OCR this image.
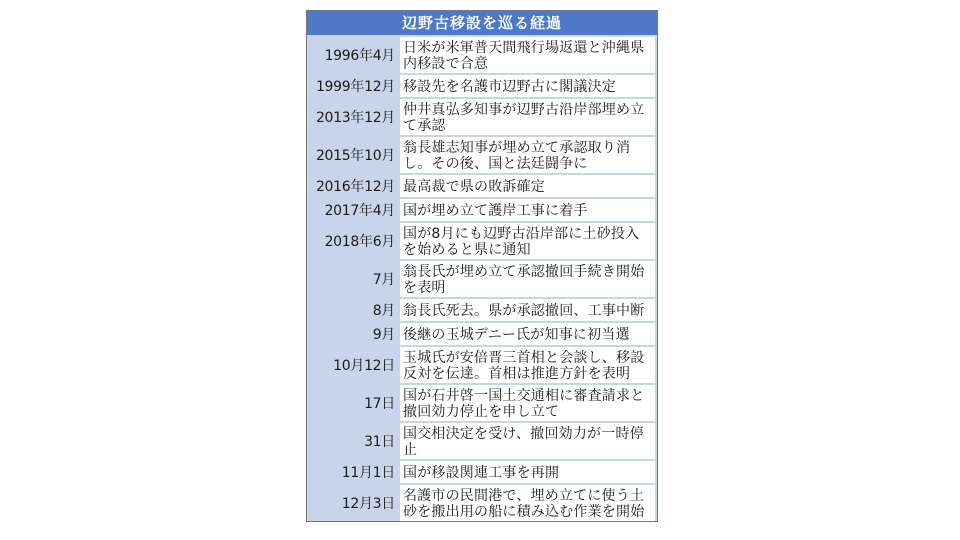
辺野古移設を巡る経過
1996年4月
日米が米軍普天間飛行場返還と沖縄県内移設で合意
1999年12月 移設先を名護市辺野古に閣議決定
2013年12月
仲井真弘多知事が辺野古沿岸部埋め立て承認
2015年10月
翁長雄志知事が埋め立て承認取り消し。その後、国と法廷闘争に
2016年12月 最高裁で県の敗訴確定
2017年4月 国が埋め立て護岸工事に着手
2018年6月
国が8月にも辺野古沿岸部に土砂投入を始めると県に通知
7月
翁長氏が埋め立て承認撤回手続き開始を表明
8月 翁長氏死去。県が承認撤回、工事中断
9月 後継の玉城デニー氏が知事に初当選
10月12日
玉城氏が安倍晋三首相と会談し、移設反対を伝達。首相は推進方針を表明
17日
国が石井啓一国土交通相に審査請求と撤回効力停止を申し立て
31日
国交相決定を受け、撤回効力が一時停止
11月1日 国が移設関連工事を再開
12月3日
名護市の民間港で、埋め立てに使う土砂を搬出用の船に積み込む作業を開始
